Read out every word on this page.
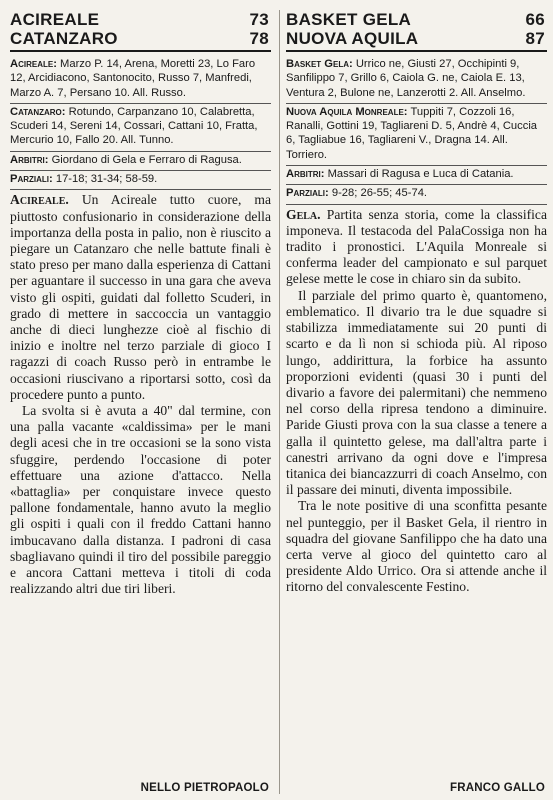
ACIREALE	73
CATANZARO	78
Acireale: Marzo P. 14, Arena, Moretti 23, Lo Faro 12, Arcidiacono, Santonocito, Russo 7, Manfredi, Marzo A. 7, Persano 10. All. Russo.
Catanzaro: Rotundo, Carpanzano 10, Calabretta, Scuderi 14, Sereni 14, Cossari, Cattani 10, Fratta, Mercurio 10, Fallo 20. All. Tunno.
Arbitri: Giordano di Gela e Ferraro di Ragusa.
Parziali: 17-18; 31-34; 58-59.

Acireale. Un Acireale tutto cuore, ma piuttosto confusionario in considerazione della importanza della posta in palio, non è riuscito a piegare un Catanzaro che nelle battute finali è stato preso per mano dalla esperienza di Cattani per aguantare il successo in una gara che aveva visto gli ospiti, guidati dal folletto Scuderi, in grado di mettere in saccoccia un vantaggio anche di dieci lunghezze cioè al fischio di inizio e inoltre nel terzo parziale di gioco I ragazzi di coach Russo però in entrambe le occasioni riuscivano a riportarsi sotto, così da procedere punto a punto.

La svolta si è avuta a 40" dal termine, con una palla vacante «caldissima» per le mani degli acesi che in tre occasioni se la sono vista sfuggire, perdendo l'occasione di poter effettuare una azione d'attacco. Nella «battaglia» per conquistare invece questo pallone fondamentale, hanno avuto la meglio gli ospiti i quali con il freddo Cattani hanno imbucavano dalla distanza. I padroni di casa sbagliavano quindi il tiro del possibile pareggio e ancora Cattani metteva i titoli di coda realizzando altri due tiri liberi.

NELLO PIETROPAOLO
BASKET GELA	66
NUOVA AQUILA	87
Basket Gela: Urrico ne, Giusti 27, Occhipinti 9, Sanfilippo 7, Grillo 6, Caiola G. ne, Caiola E. 13, Ventura 2, Bulone ne, Lanzerotti 2. All. Anselmo.
Nuova Aquila Monreale: Tuppiti 7, Cozzoli 16, Ranalli, Gottini 19, Tagliareni D. 5, Andrè 4, Cuccia 6, Tagliabue 16, Tagliareni V., Dragna 14. All. Torriero.
Arbitri: Massari di Ragusa e Luca di Catania.
Parziali: 9-28; 26-55; 45-74.

Gela. Partita senza storia, come la classifica imponeva. Il testacoda del PalaCossiga non ha tradito i pronostici. L'Aquila Monreale si conferma leader del campionato e sul parquet gelese mette le cose in chiaro sin da subito.

Il parziale del primo quarto è, quantomeno, emblematico. Il divario tra le due squadre si stabilizza immediatamente sui 20 punti di scarto e da lì non si schioda più. Al riposo lungo, addirittura, la forbice ha assunto proporzioni evidenti (quasi 30 i punti del divario a favore dei palermitani) che nemmeno nel corso della ripresa tendono a diminuire. Paride Giusti prova con la sua classe a tenere a galla il quintetto gelese, ma dall'altra parte i canestri arrivano da ogni dove e l'impresa titanica dei biancazzurri di coach Anselmo, con il passare dei minuti, diventa impossibile.

Tra le note positive di una sconfitta pesante nel punteggio, per il Basket Gela, il rientro in squadra del giovane Sanfilippo che ha dato una certa verve al gioco del quintetto caro al presidente Aldo Urrico. Ora si attende anche il ritorno del convalescente Festino.

FRANCO GALLO
